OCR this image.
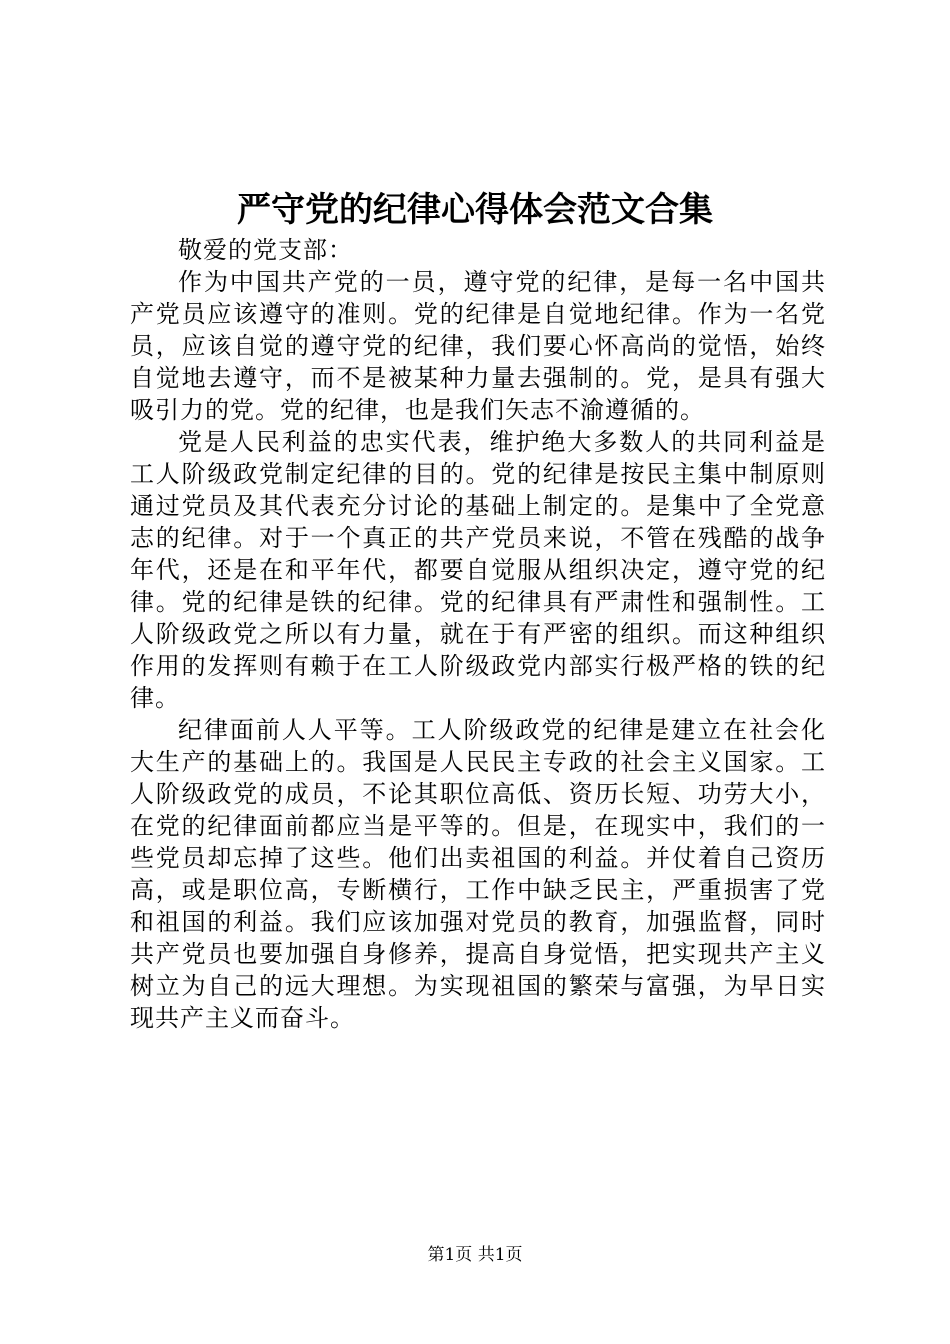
严守党的纪律心得体会范文合集
敬爱的党支部：

作为中国共产党的一员，遵守党的纪律，是每一名中国共产党员应该遵守的准则。党的纪律是自觉地纪律。作为一名党员，应该自觉的遵守党的纪律，我们要心怀高尚的觉悟，始终自觉地去遵守，而不是被某种力量去强制的。党，是具有强大吸引力的党。党的纪律，也是我们矢志不渝遵循的。

党是人民利益的忠实代表，维护绝大多数人的共同利益是工人阶级政党制定纪律的目的。党的纪律是按民主集中制原则通过党员及其代表充分讨论的基础上制定的。是集中了全党意志的纪律。对于一个真正的共产党员来说，不管在残酷的战争年代，还是在和平年代，都要自觉服从组织决定，遵守党的纪律。党的纪律是铁的纪律。党的纪律具有严肃性和强制性。工人阶级政党之所以有力量，就在于有严密的组织。而这种组织作用的发挥则有赖于在工人阶级政党内部实行极严格的铁的纪律。

纪律面前人人平等。工人阶级政党的纪律是建立在社会化大生产的基础上的。我国是人民民主专政的社会主义国家。工人阶级政党的成员，不论其职位高低、资历长短、功劳大小，在党的纪律面前都应当是平等的。但是，在现实中，我们的一些党员却忘掉了这些。他们出卖祖国的利益。并仗着自己资历高，或是职位高，专断横行，工作中缺乏民主，严重损害了党和祖国的利益。我们应该加强对党员的教育，加强监督，同时共产党员也要加强自身修养，提高自身觉悟，把实现共产主义树立为自己的远大理想。为实现祖国的繁荣与富强，为早日实现共产主义而奋斗。

第1页 共1页
